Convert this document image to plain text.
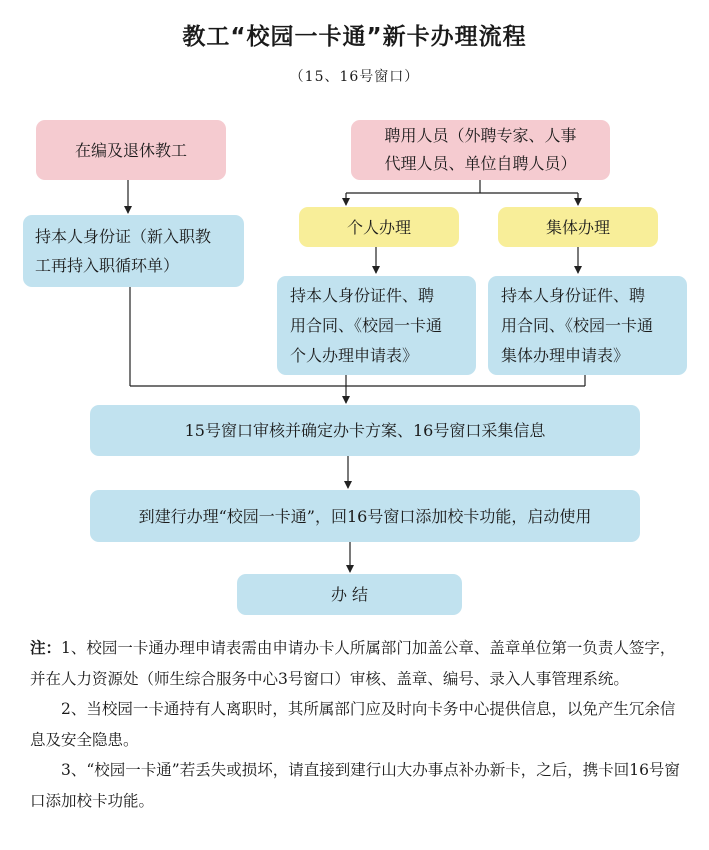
教工“校园一卡通”新卡办理流程
（15、16号窗口）
在编及退休教工
聘用人员（外聘专家、人事
代理人员、单位自聘人员）
持本人身份证（新入职教
工再持入职循环单）
个人办理	集体办理
持本人身份证件、聘
用合同、《校园一卡通
个人办理申请表》
持本人身份证件、聘
用合同、《校园一卡通
集体办理申请表》
15号窗口审核并确定办卡方案、16号窗口采集信息
到建行办理“校园一卡通”，回16号窗口添加校卡功能，启动使用
办 结

注：1、校园一卡通办理申请表需由申请办卡人所属部门加盖公章、盖章单位第一负责人签字，并在人力资源处（师生综合服务中心3号窗口）审核、盖章、编号、录入人事管理系统。

2、当校园一卡通持有人离职时，其所属部门应及时向卡务中心提供信息，以免产生冗余信息及安全隐患。

3、“校园一卡通”若丢失或损坏，请直接到建行山大办事点补办新卡，之后，携卡回16号窗口添加校卡功能。
